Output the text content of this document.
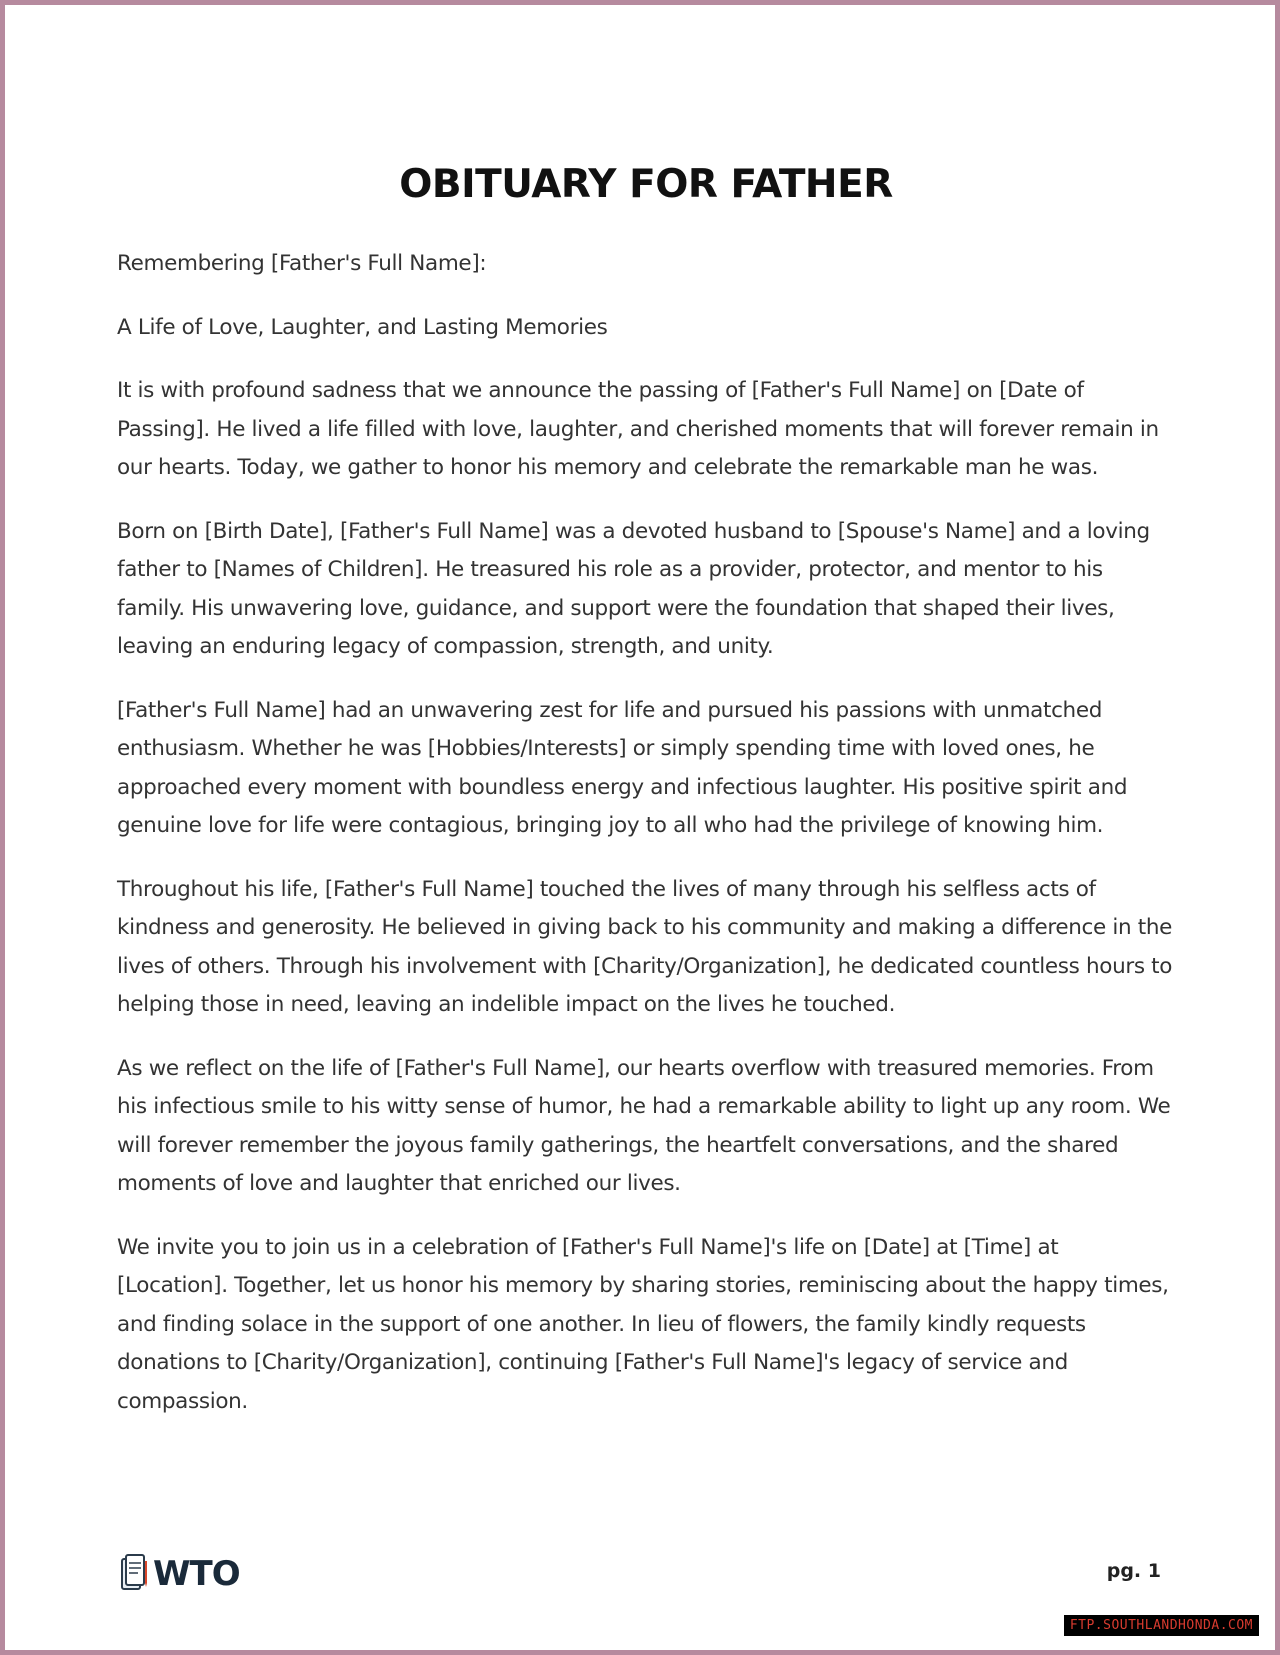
OBITUARY FOR FATHER

Remembering [Father's Full Name]:

A Life of Love, Laughter, and Lasting Memories

It is with profound sadness that we announce the passing of [Father's Full Name] on [Date of Passing]. He lived a life filled with love, laughter, and cherished moments that will forever remain in our hearts. Today, we gather to honor his memory and celebrate the remarkable man he was.

Born on [Birth Date], [Father's Full Name] was a devoted husband to [Spouse's Name] and a loving father to [Names of Children]. He treasured his role as a provider, protector, and mentor to his family. His unwavering love, guidance, and support were the foundation that shaped their lives, leaving an enduring legacy of compassion, strength, and unity.

[Father's Full Name] had an unwavering zest for life and pursued his passions with unmatched enthusiasm. Whether he was [Hobbies/Interests] or simply spending time with loved ones, he approached every moment with boundless energy and infectious laughter. His positive spirit and genuine love for life were contagious, bringing joy to all who had the privilege of knowing him.

Throughout his life, [Father's Full Name] touched the lives of many through his selfless acts of kindness and generosity. He believed in giving back to his community and making a difference in the lives of others. Through his involvement with [Charity/Organization], he dedicated countless hours to helping those in need, leaving an indelible impact on the lives he touched.

As we reflect on the life of [Father's Full Name], our hearts overflow with treasured memories. From his infectious smile to his witty sense of humor, he had a remarkable ability to light up any room. We will forever remember the joyous family gatherings, the heartfelt conversations, and the shared moments of love and laughter that enriched our lives.

We invite you to join us in a celebration of [Father's Full Name]'s life on [Date] at [Time] at [Location]. Together, let us honor his memory by sharing stories, reminiscing about the happy times, and finding solace in the support of one another. In lieu of flowers, the family kindly requests donations to [Charity/Organization], continuing [Father's Full Name]'s legacy of service and compassion.

WTO	pg. 1
FTP.SOUTHLANDHONDA.COM
